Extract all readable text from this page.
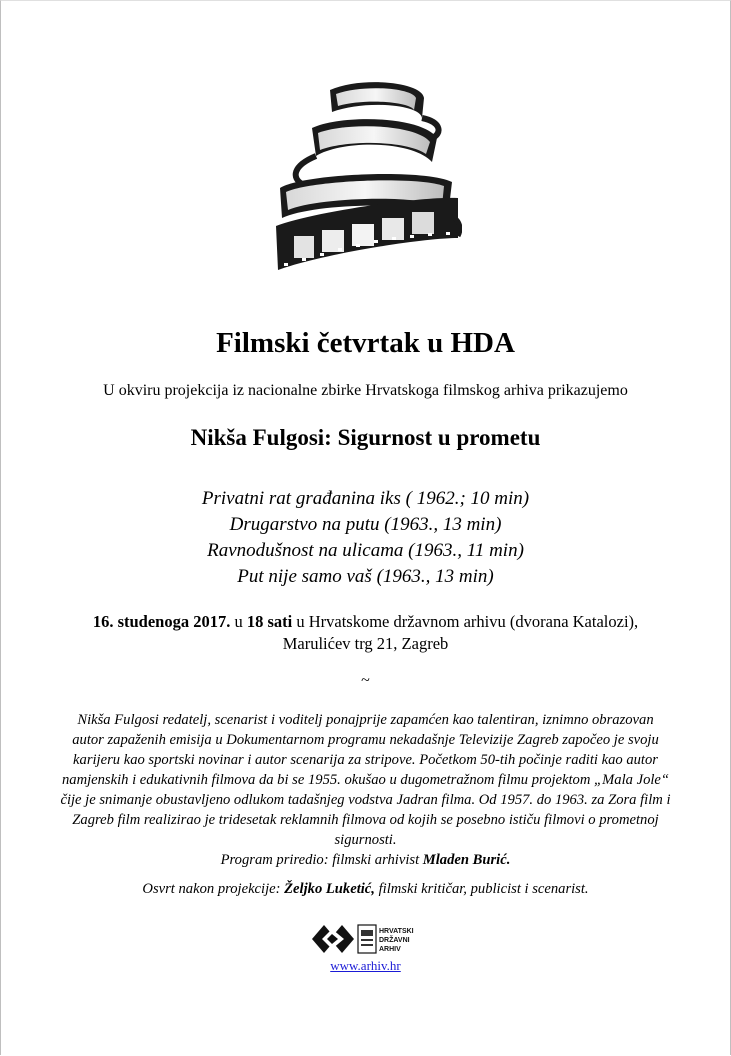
Filmski četvrtak u HDA
U okviru projekcija iz nacionalne zbirke Hrvatskoga filmskog arhiva prikazujemo
Nikša Fulgosi: Sigurnost u prometu
Privatni rat građanina iks ( 1962.; 10 min)
Drugarstvo na putu (1963., 13 min)
Ravnodušnost na ulicama (1963., 11 min)
Put nije samo vaš (1963., 13 min)
16. studenoga 2017. u 18 sati u Hrvatskome državnom arhivu (dvorana Katalozi),
Marulićev trg 21, Zagreb
~
Nikša Fulgosi redatelj, scenarist i voditelj ponajprije zapamćen kao talentiran, iznimno obrazovan autor zapaženih emisija u Dokumentarnom programu nekadašnje Televizije Zagreb započeo je svoju karijeru kao sportski novinar i autor scenarija za stripove. Početkom 50-tih počinje raditi kao autor namjenskih i edukativnih filmova da bi se 1955. okušao u dugometražnom filmu projektom „Mala Jole“ čije je snimanje obustavljeno odlukom tadašnjeg vodstva Jadran filma. Od 1957. do 1963. za Zora film i Zagreb film realizirao je tridesetak reklamnih filmova od kojih se posebno ističu filmovi o prometnoj sigurnosti.
Program priredio: filmski arhivist Mladen Burić.
Osvrt nakon projekcije: Željko Luketić, filmski kritičar, publicist i scenarist.
HRVATSKI
DRŽAVNI
ARHIV
www.arhiv.hr
